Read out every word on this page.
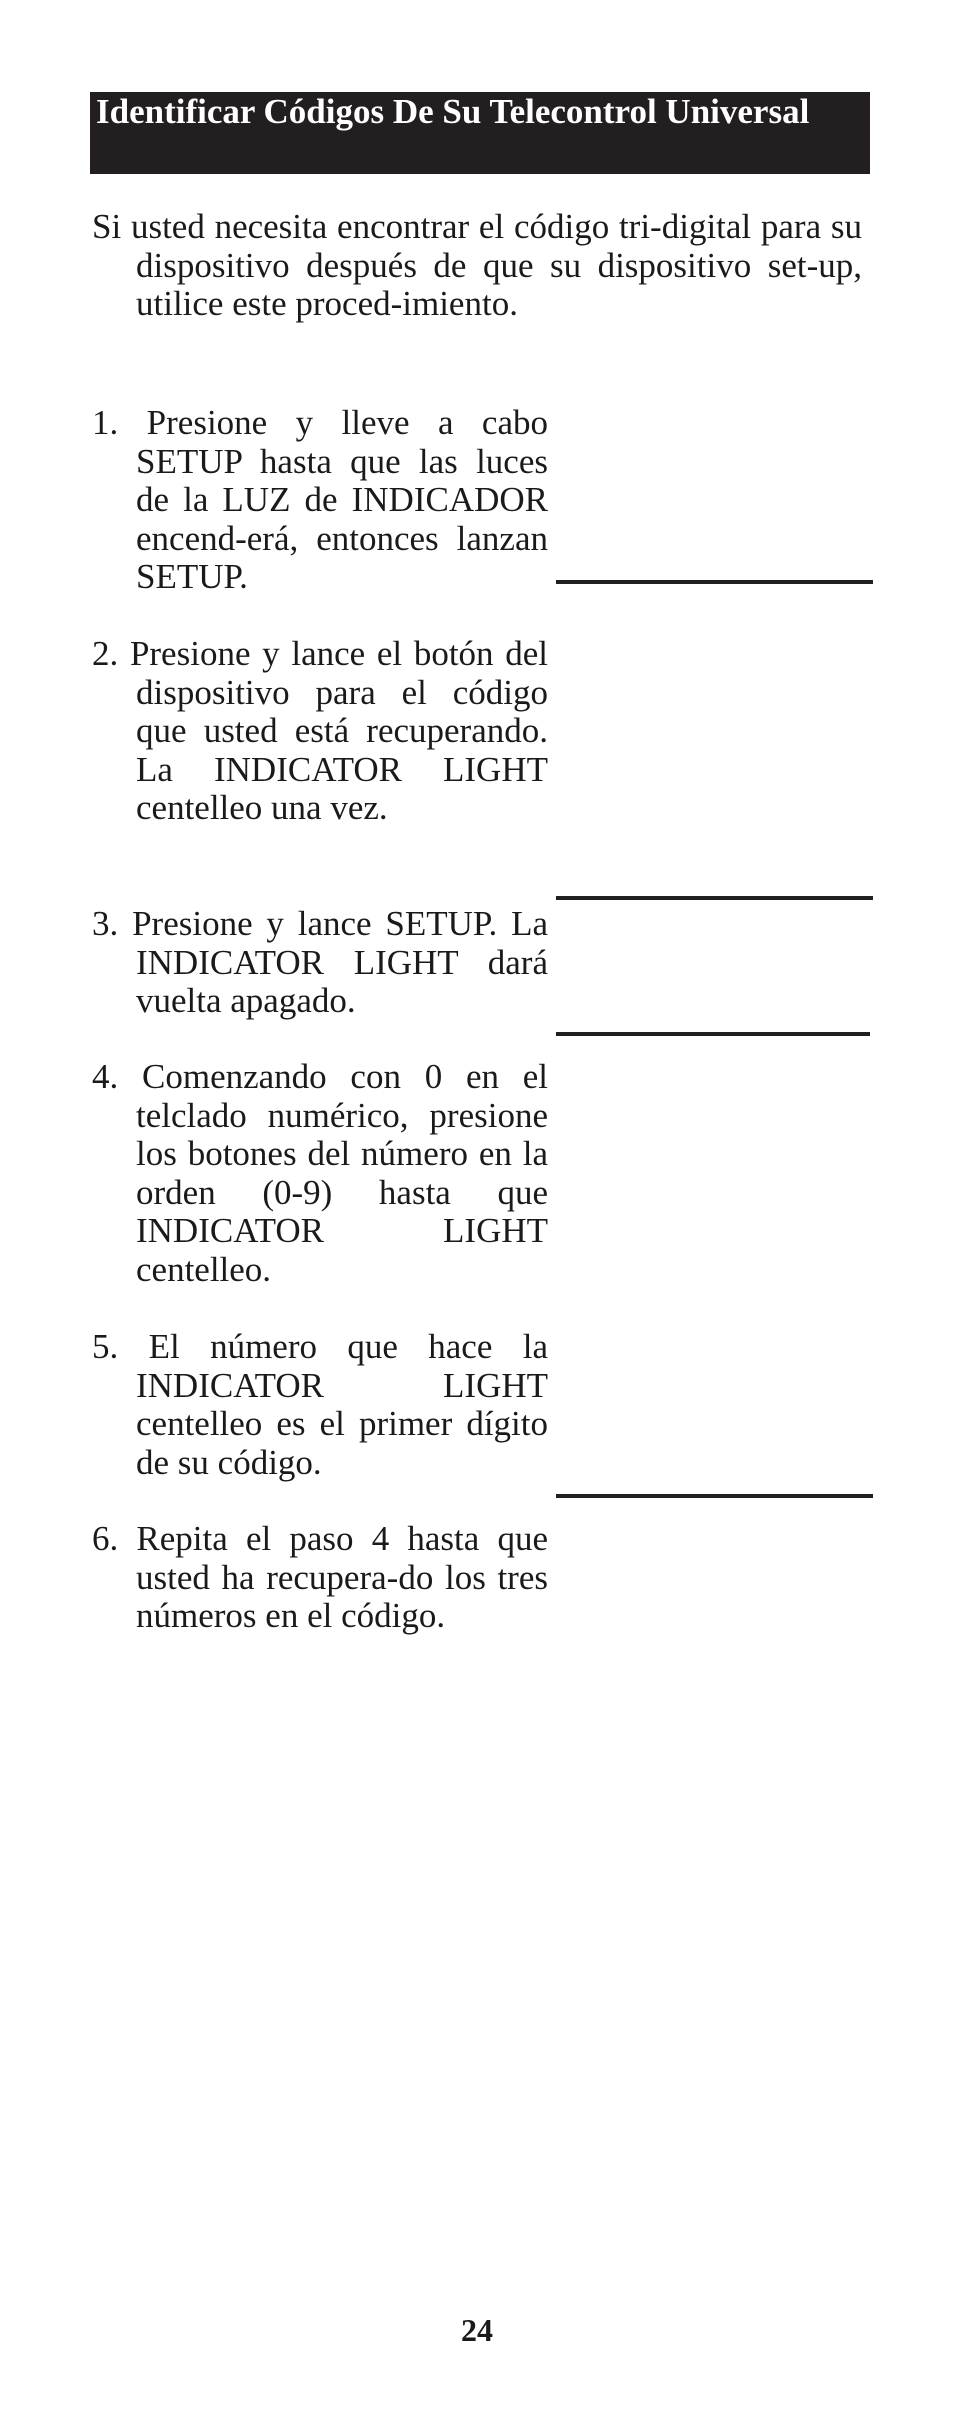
Identificar Códigos De Su Telecontrol Universal
Si usted necesita encontrar el código tri-digital para su dispositivo después de que su dispositivo set-up, utilice este proced-imiento.
1. Presione y lleve a cabo SETUP hasta que las luces de la LUZ de INDICADOR encend-erá, entonces lanzan SETUP.
2. Presione y lance el botón del dispositivo para el código que usted está recuperando. La INDICATOR LIGHT centelleo una vez.
3. Presione y lance SETUP. La INDICATOR LIGHT dará vuelta apagado.
4. Comenzando con 0 en el telclado numérico, presione los botones del número en la orden (0-9) hasta que INDICATOR LIGHT centelleo.
5. El número que hace la INDICATOR LIGHT centelleo es el primer dígito de su código.
6. Repita el paso 4 hasta que usted ha recupera-do los tres números en el código.
24
